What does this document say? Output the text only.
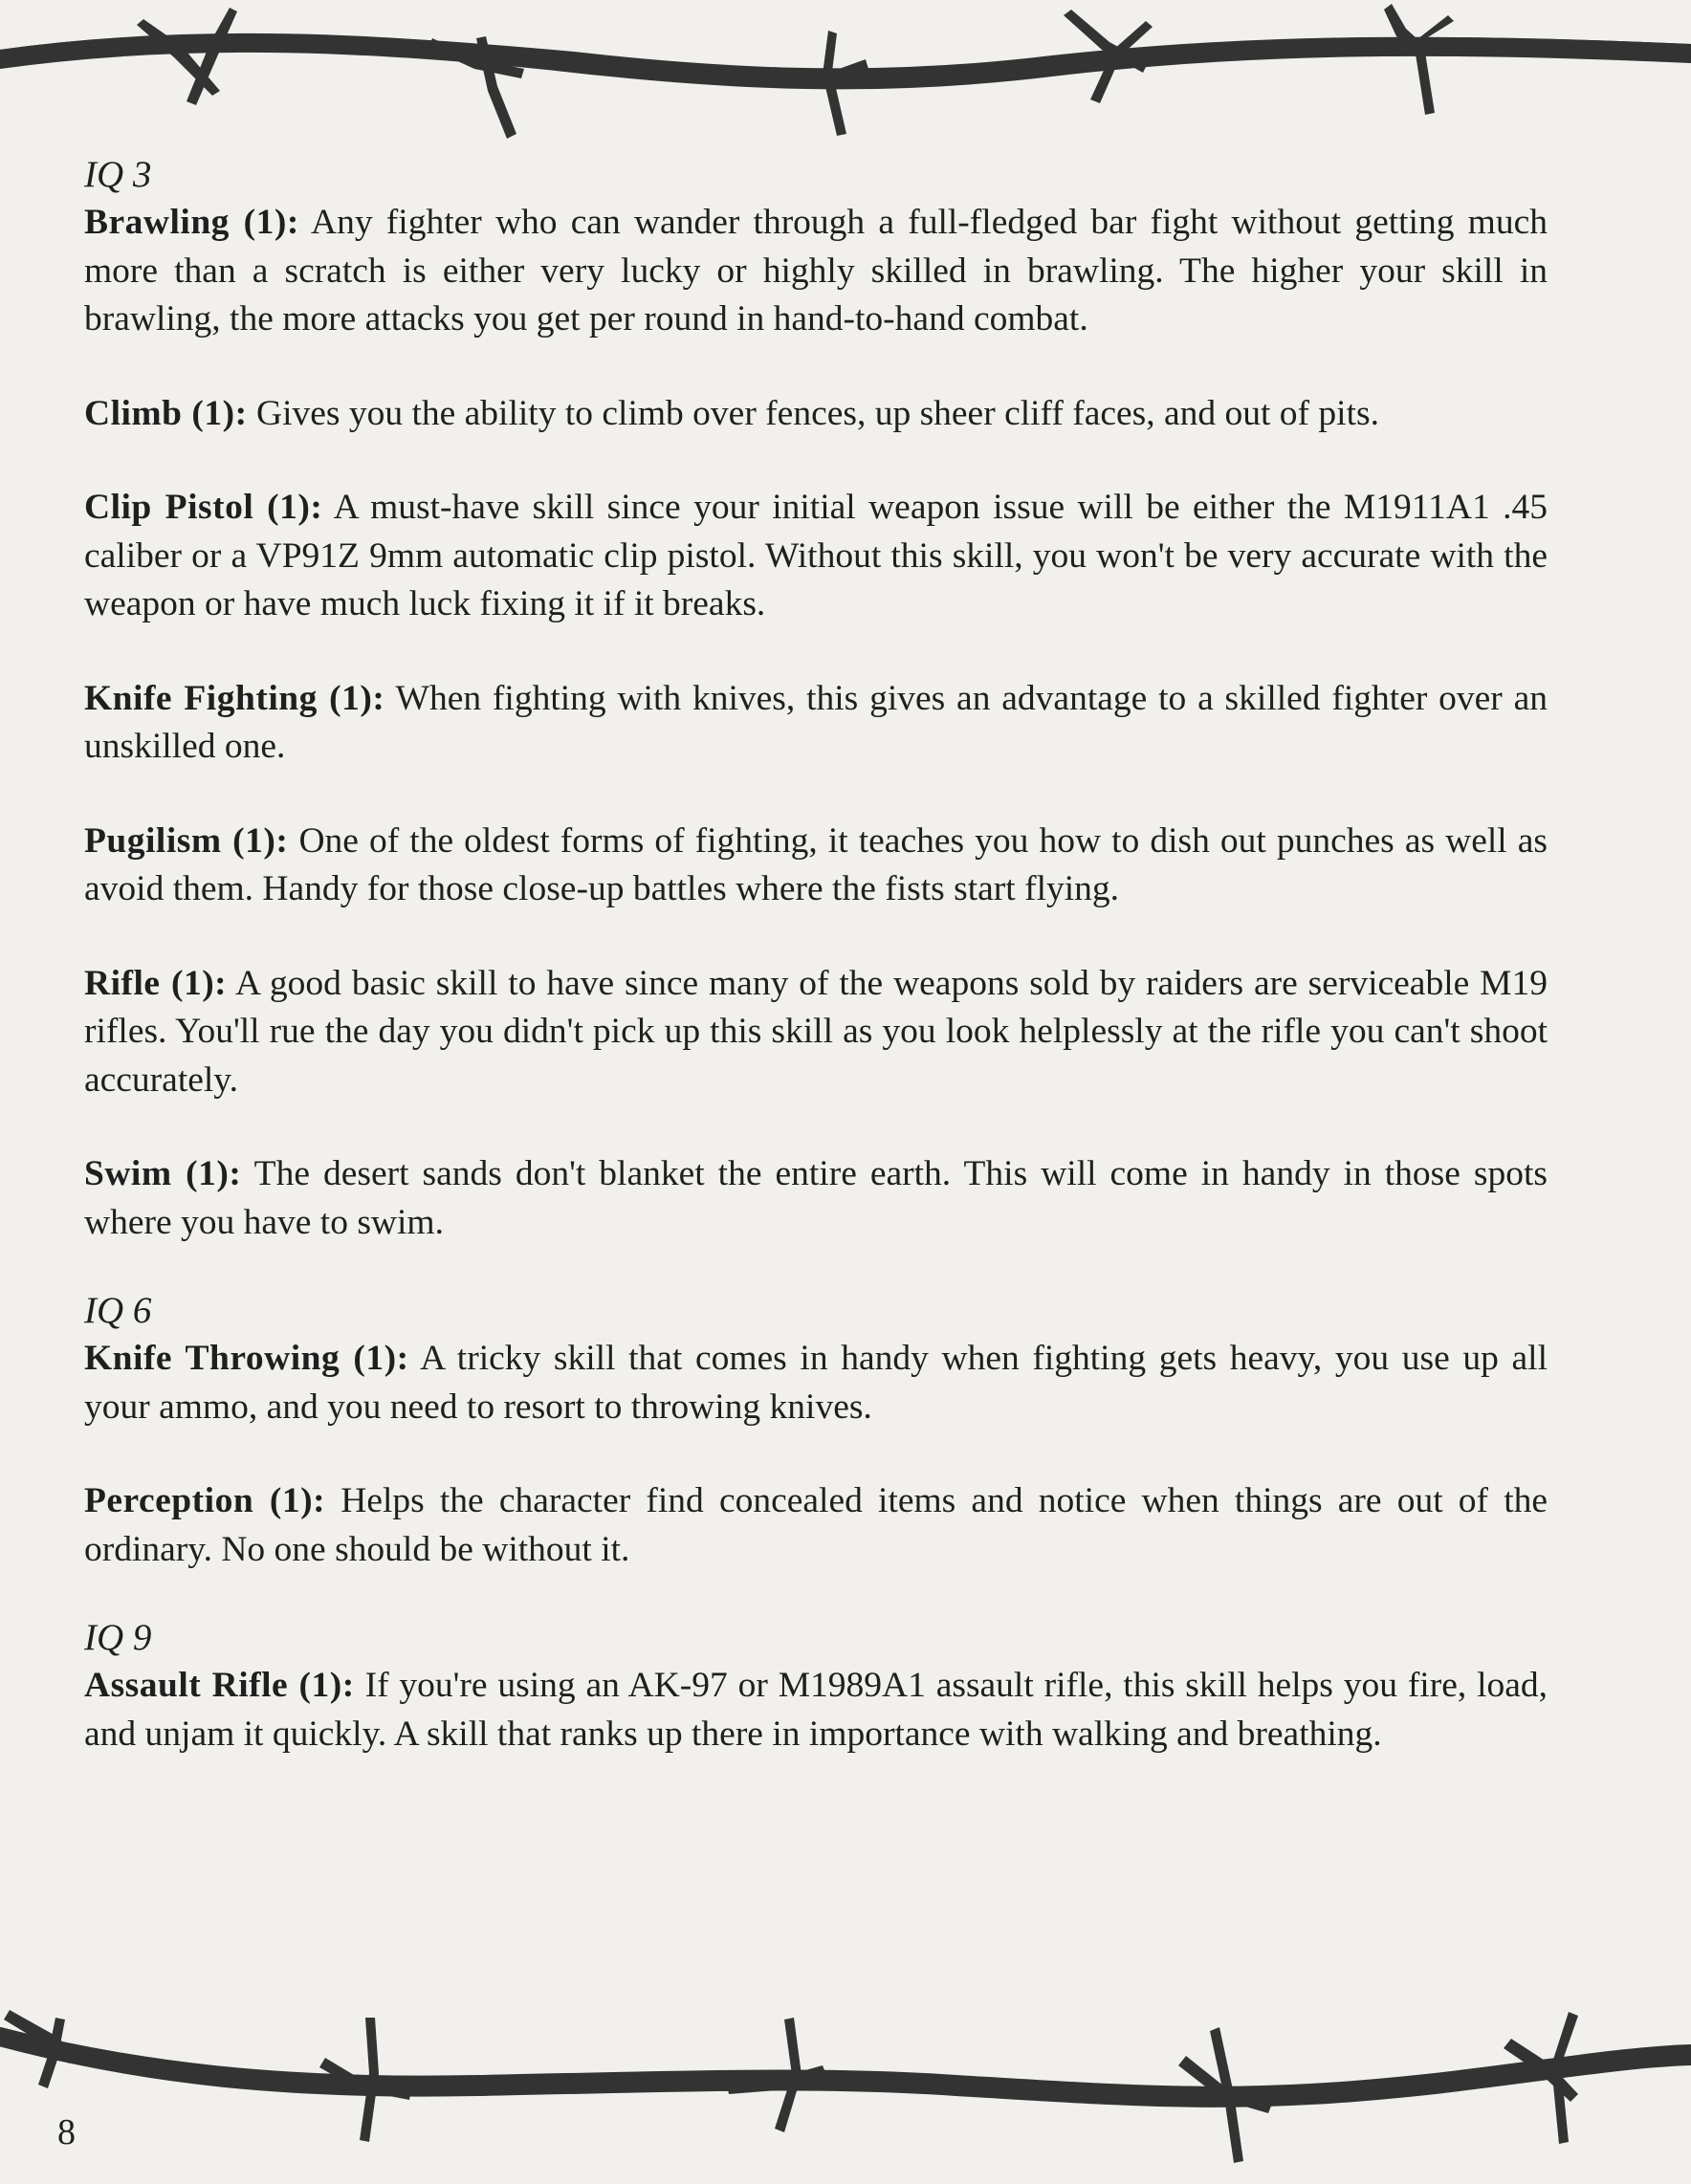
IQ 3

Brawling (1): Any fighter who can wander through a full-fledged bar fight without getting much more than a scratch is either very lucky or highly skilled in brawling. The higher your skill in brawling, the more attacks you get per round in hand-to-hand combat.

Climb (1): Gives you the ability to climb over fences, up sheer cliff faces, and out of pits.

Clip Pistol (1): A must-have skill since your initial weapon issue will be either the M1911A1 .45 caliber or a VP91Z 9mm automatic clip pistol. Without this skill, you won't be very accurate with the weapon or have much luck fixing it if it breaks.

Knife Fighting (1): When fighting with knives, this gives an advantage to a skilled fighter over an unskilled one.

Pugilism (1): One of the oldest forms of fighting, it teaches you how to dish out punches as well as avoid them. Handy for those close-up battles where the fists start flying.

Rifle (1): A good basic skill to have since many of the weapons sold by raiders are serviceable M19 rifles. You'll rue the day you didn't pick up this skill as you look helplessly at the rifle you can't shoot accurately.

Swim (1): The desert sands don't blanket the entire earth. This will come in handy in those spots where you have to swim.

IQ 6

Knife Throwing (1): A tricky skill that comes in handy when fighting gets heavy, you use up all your ammo, and you need to resort to throwing knives.

Perception (1): Helps the character find concealed items and notice when things are out of the ordinary. No one should be without it.

IQ 9

Assault Rifle (1): If you're using an AK-97 or M1989A1 assault rifle, this skill helps you fire, load, and unjam it quickly. A skill that ranks up there in importance with walking and breathing.

8
